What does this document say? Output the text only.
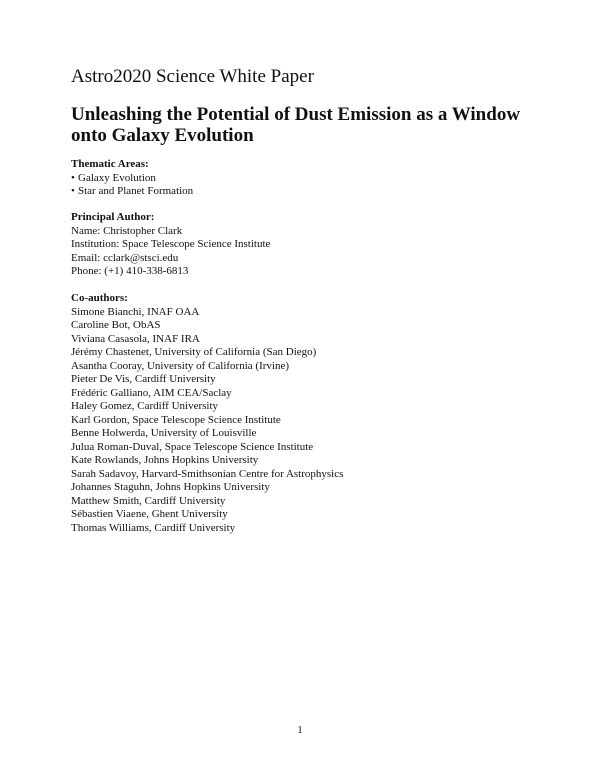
Astro2020 Science White Paper
Unleashing the Potential of Dust Emission as a Window onto Galaxy Evolution
Thematic Areas:
• Galaxy Evolution
• Star and Planet Formation
Principal Author:
Name: Christopher Clark
Institution: Space Telescope Science Institute
Email: cclark@stsci.edu
Phone: (+1) 410-338-6813
Co-authors:
Simone Bianchi, INAF OAA
Caroline Bot, ObAS
Viviana Casasola, INAF IRA
Jérémy Chastenet, University of California (San Diego)
Asantha Cooray, University of California (Irvine)
Pieter De Vis, Cardiff University
Frédéric Galliano, AIM CEA/Saclay
Haley Gomez, Cardiff University
Karl Gordon, Space Telescope Science Institute
Benne Holwerda, University of Louisville
Julua Roman-Duval, Space Telescope Science Institute
Kate Rowlands, Johns Hopkins University
Sarah Sadavoy, Harvard-Smithsonian Centre for Astrophysics
Johannes Staguhn, Johns Hopkins University
Matthew Smith, Cardiff University
Sébastien Viaene, Ghent University
Thomas Williams, Cardiff University
1
